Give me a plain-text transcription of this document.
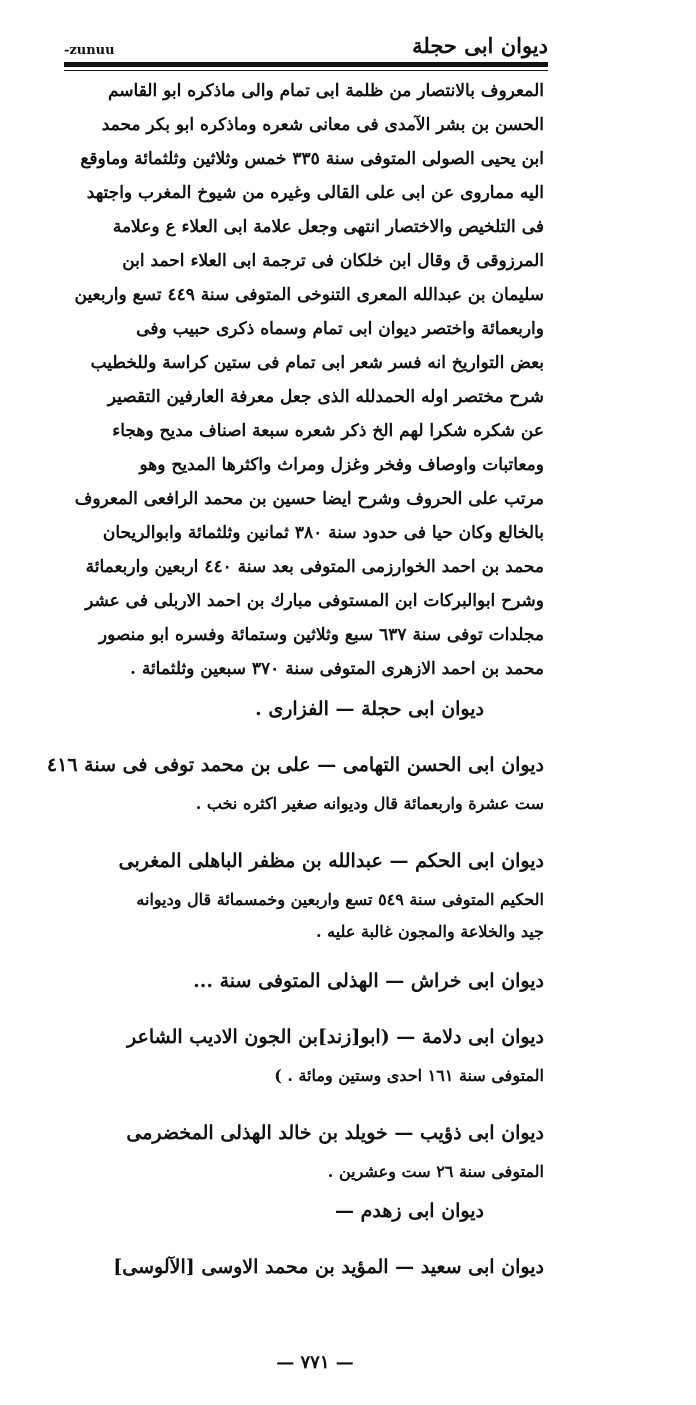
ديوان ابى حجلة
-zunuu
المعروف بالانتصار من ظلمة ابى تمام والى ماذكره ابو القاسم
الحسن بن بشر الآمدى فى معانى شعره وماذكره ابو بكر محمد
ابن يحيى الصولى المتوفى سنة ٣٣٥ خمس وثلاثين وثلثمائة وماوقع
اليه مماروى عن ابى على القالى وغيره من شيوخ المغرب واجتهد
فى التلخيص والاختصار انتهى وجعل علامة ابى العلاء ع وعلامة
المرزوقى ق وقال ابن خلكان فى ترجمة ابى العلاء احمد ابن
سليمان بن عبدالله المعرى التنوخى المتوفى سنة ٤٤٩ تسع واربعين
واربعمائة واختصر ديوان ابى تمام وسماه ذكرى حبيب وفى
بعض التواريخ انه فسر شعر ابى تمام فى ستين كراسة وللخطيب
شرح مختصر اوله الحمدلله الذى جعل معرفة العارفين التقصير
عن شكره شكرا لهم الخ ذكر شعره سبعة اصناف مديح وهجاء
ومعاتبات واوصاف وفخر وغزل ومراث واكثرها المديح وهو
مرتب على الحروف وشرح ايضا حسين بن محمد الرافعى المعروف
بالخالع وكان حيا فى حدود سنة ٣٨٠ ثمانين وثلثمائة وابوالريحان
محمد بن احمد الخوارزمى المتوفى بعد سنة ٤٤٠ اربعين واربعمائة
وشرح ابوالبركات ابن المستوفى مبارك بن احمد الاربلى فى عشر
مجلدات توفى سنة ٦٣٧ سبع وثلاثين وستمائة وفسره ابو منصور
محمد بن احمد الازهرى المتوفى سنة ٣٧٠ سبعين وثلثمائة .
ديوان ابى حجلة — الفزارى .
ديوان ابى الحسن التهامى — على بن محمد توفى فى سنة ٤١٦
ست عشرة واربعمائة قال وديوانه صغير اكثره نخب .
ديوان ابى الحكم — عبدالله بن مظفر الباهلى المغربى
الحكيم المتوفى سنة ٥٤٩ تسع واربعين وخمسمائة قال وديوانه
جيد والخلاعة والمجون غالبة عليه .
ديوان ابى خراش — الهذلى المتوفى سنة ...
ديوان ابى دلامة — (ابو[زند]بن الجون الاديب الشاعر
المتوفى سنة ١٦١ احدى وستين ومائة . )
ديوان ابى ذؤيب — خويلد بن خالد الهذلى المخضرمى
المتوفى سنة ٢٦ ست وعشرين .
ديوان ابى زهدم —
ديوان ابى سعيد — المؤيد بن محمد الاوسى [الآلوسى]
— ٧٧١ —
